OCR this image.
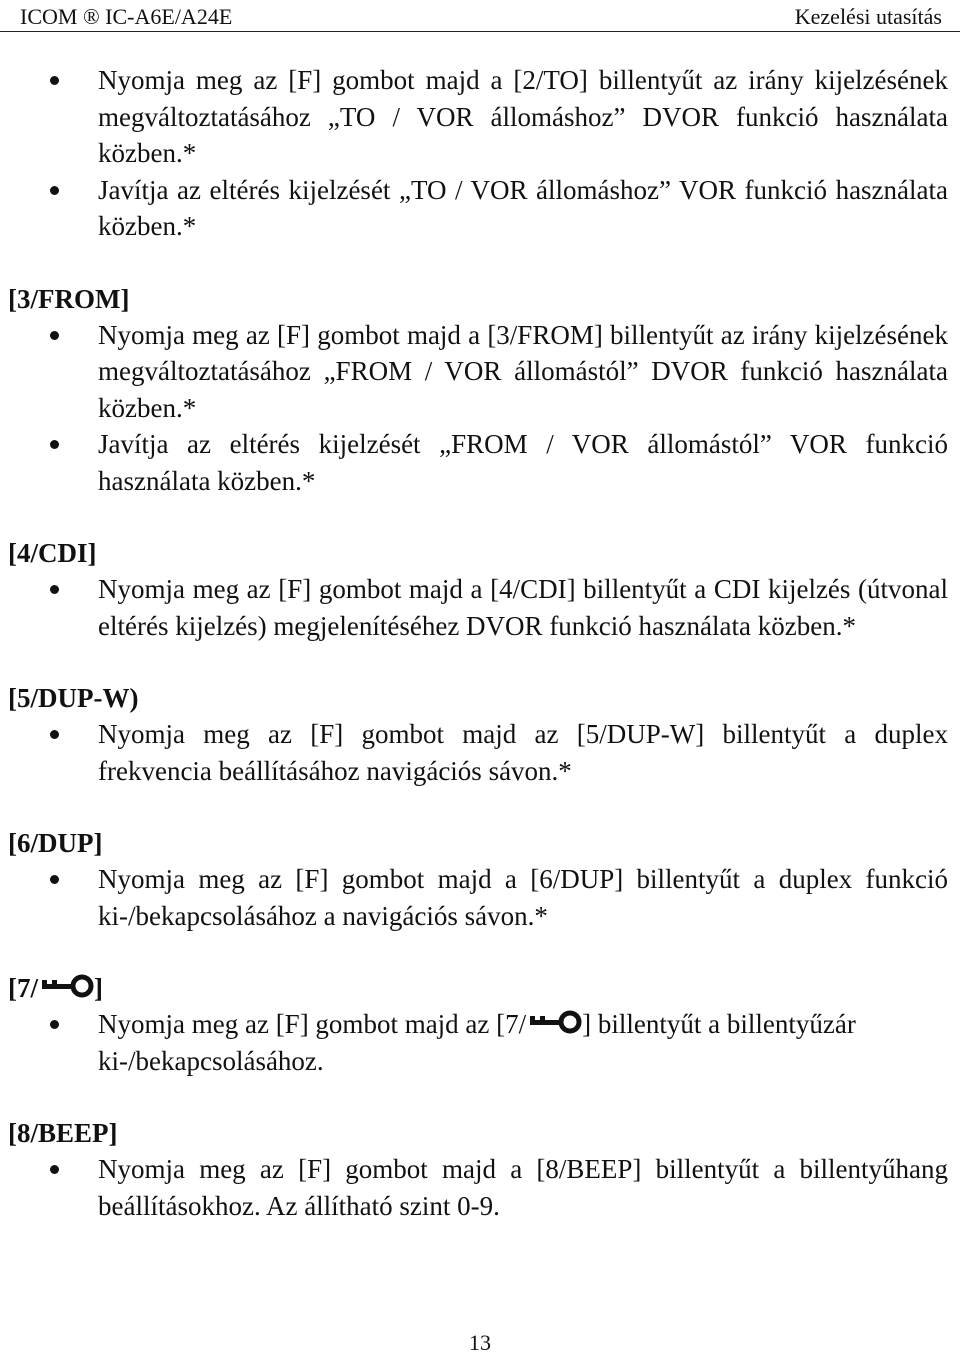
ICOM ® IC-A6E/A24E	Kezelési utasítás
Nyomja meg az [F] gombot majd a [2/TO] billentyűt az irány kijelzésének megváltoztatásához „TO / VOR állomáshoz” DVOR funkció használata közben.*
Javítja az eltérés kijelzését „TO / VOR állomáshoz” VOR funkció használata közben.*
[3/FROM]
Nyomja meg az [F] gombot majd a [3/FROM] billentyűt az irány kijelzésének megváltoztatásához „FROM / VOR állomástól” DVOR funkció használata közben.*
Javítja az eltérés kijelzését „FROM / VOR állomástól” VOR funkció használata közben.*
[4/CDI]
Nyomja meg az [F] gombot majd a [4/CDI] billentyűt a CDI kijelzés (útvonal eltérés kijelzés) megjelenítéséhez DVOR funkció használata közben.*
[5/DUP-W)
Nyomja meg az [F] gombot majd az [5/DUP-W] billentyűt a duplex frekvencia beállításához navigációs sávon.*
[6/DUP]
Nyomja meg az [F] gombot majd a [6/DUP] billentyűt a duplex funkció ki-/bekapcsolásához a navigációs sávon.*
[7/ ]
Nyomja meg az [F] gombot majd az [7/ ] billentyűt a billentyűzár ki-/bekapcsolásához.
[8/BEEP]
Nyomja meg az [F] gombot majd a [8/BEEP] billentyűt a billentyűhang beállításokhoz. Az állítható szint 0-9.
13
